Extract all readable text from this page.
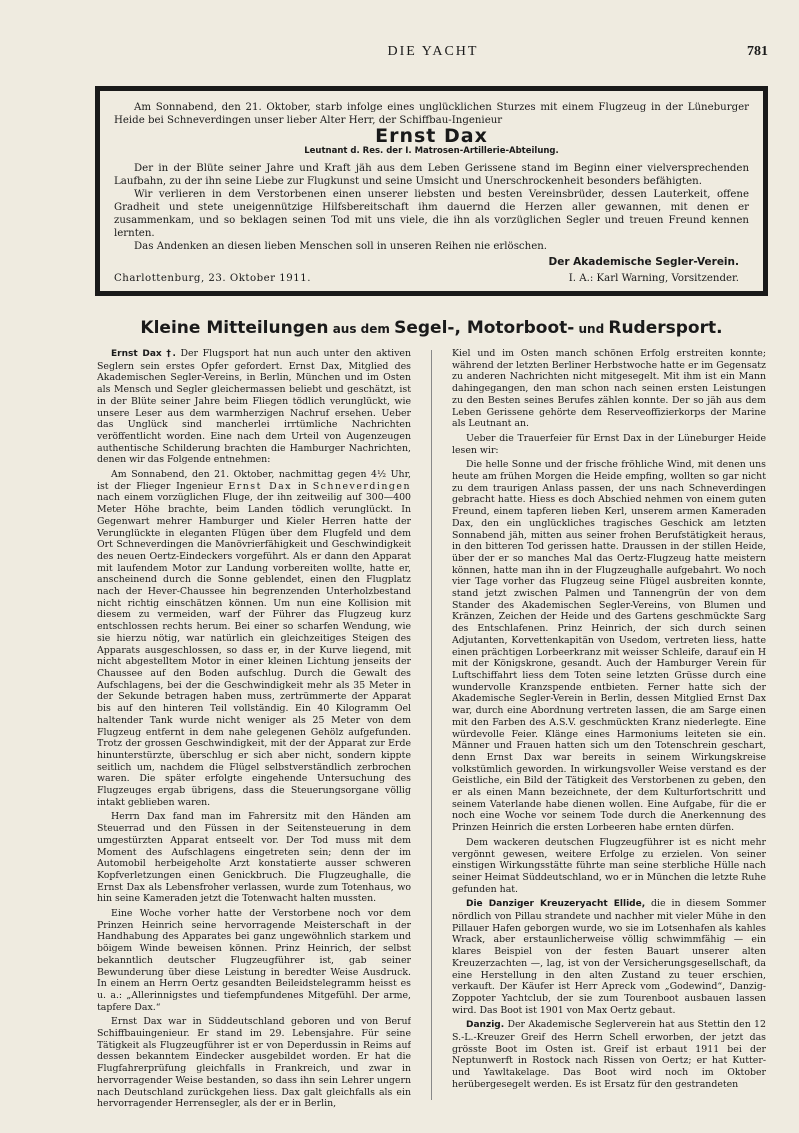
DIE YACHT	781

Am Sonnabend, den 21. Oktober, starb infolge eines unglücklichen Sturzes mit einem Flugzeug in der Lüneburger Heide bei Schneverdingen unser lieber Alter Herr, der Schiffbau-Ingenieur

Ernst Dax
Leutnant d. Res. der I. Matrosen-Artillerie-Abteilung.

Der in der Blüte seiner Jahre und Kraft jäh aus dem Leben Gerissene stand im Beginn einer vielversprechenden Laufbahn, zu der ihn seine Liebe zur Flugkunst und seine Umsicht und Unerschrockenheit besonders befähigten.

Wir verlieren in dem Verstorbenen einen unserer liebsten und besten Vereinsbrüder, dessen Lauterkeit, offene Gradheit und stete uneigennützige Hilfsbereitschaft ihm dauernd die Herzen aller gewannen, mit denen er zusammenkam, und so beklagen seinen Tod mit uns viele, die ihn als vorzüglichen Segler und treuen Freund kennen lernten.

Das Andenken an diesen lieben Menschen soll in unseren Reihen nie erlöschen.

Der Akademische Segler-Verein.
Charlottenburg, 23. Oktober 1911.	I. A.: Karl Warning, Vorsitzender.
Kleine Mitteilungen aus dem Segel-, Motorboot- und Rudersport.

Ernst Dax †. Der Flugsport hat nun auch unter den aktiven Seglern sein erstes Opfer gefordert. Ernst Dax, Mitglied des Akademischen Segler-Vereins, in Berlin, München und im Osten als Mensch und Segler gleichermassen beliebt und geschätzt, ist in der Blüte seiner Jahre beim Fliegen tödlich verunglückt, wie unsere Leser aus dem warmherzigen Nachruf ersehen. Ueber das Unglück sind mancherlei irrtümliche Nachrichten veröffentlicht worden. Eine nach dem Urteil von Augenzeugen authentische Schilderung brachten die Hamburger Nachrichten, denen wir das Folgende entnehmen:

Am Sonnabend, den 21. Oktober, nachmittag gegen 4½ Uhr, ist der Flieger Ingenieur Ernst Dax in Schneverdingen nach einem vorzüglichen Fluge, der ihn zeitweilig auf 300—400 Meter Höhe brachte, beim Landen tödlich verunglückt. In Gegenwart mehrer Hamburger und Kieler Herren hatte der Verunglückte in eleganten Flügen über dem Flugfeld und dem Ort Schneverdingen die Manövrierfähigkeit und Geschwindigkeit des neuen Oertz-Eindeckers vorgeführt. Als er dann den Apparat mit laufendem Motor zur Landung vorbereiten wollte, hatte er, anscheinend durch die Sonne geblendet, einen den Flugplatz nach der Hever-Chaussee hin begrenzenden Unterholzbestand nicht richtig einschätzen können. Um nun eine Kollision mit diesem zu vermeiden, warf der Führer das Flugzeug kurz entschlossen rechts herum. Bei einer so scharfen Wendung, wie sie hierzu nötig, war natürlich ein gleichzeitiges Steigen des Apparats ausgeschlossen, so dass er, in der Kurve liegend, mit nicht abgestelltem Motor in einer kleinen Lichtung jenseits der Chaussee auf den Boden aufschlug. Durch die Gewalt des Aufschlagens, bei der die Geschwindigkeit mehr als 35 Meter in der Sekunde betragen haben muss, zertrümmerte der Apparat bis auf den hinteren Teil vollständig. Ein 40 Kilogramm Oel haltender Tank wurde nicht weniger als 25 Meter von dem Flugzeug entfernt in dem nahe gelegenen Gehölz aufgefunden. Trotz der grossen Geschwindigkeit, mit der der Apparat zur Erde hinunterstürzte, überschlug er sich aber nicht, sondern kippte seitlich um, nachdem die Flügel selbstverständlich zerbrochen waren. Die später erfolgte eingehende Untersuchung des Flugzeuges ergab übrigens, dass die Steuerungsorgane völlig intakt geblieben waren.

Herrn Dax fand man im Fahrersitz mit den Händen am Steuerrad und den Füssen in der Seitensteuerung in dem umgestürzten Apparat entseelt vor. Der Tod muss mit dem Moment des Aufschlagens eingetreten sein; denn der im Automobil herbeigeholte Arzt konstatierte ausser schweren Kopfverletzungen einen Genickbruch. Die Flugzeughalle, die Ernst Dax als Lebensfroher verlassen, wurde zum Totenhaus, wo hin seine Kameraden jetzt die Totenwacht halten mussten.

Eine Woche vorher hatte der Verstorbene noch vor dem Prinzen Heinrich seine hervorragende Meisterschaft in der Handhabung des Apparates bei ganz ungewöhnlich starkem und böigem Winde beweisen können. Prinz Heinrich, der selbst bekanntlich deutscher Flugzeugführer ist, gab seiner Bewunderung über diese Leistung in beredter Weise Ausdruck. In einem an Herrn Oertz gesandten Beileidstelegramm heisst es u. a.: „Allerinnigstes und tiefempfundenes Mitgefühl. Der arme, tapfere Dax.“

Ernst Dax war in Süddeutschland geboren und von Beruf Schiffbauingenieur. Er stand im 29. Lebensjahre. Für seine Tätigkeit als Flugzeugführer ist er von Deperdussin in Reims auf dessen bekanntem Eindecker ausgebildet worden. Er hat die Flugfahrerprüfung gleichfalls in Frankreich, und zwar in hervorragender Weise bestanden, so dass ihn sein Lehrer ungern nach Deutschland zurückgehen liess. Dax galt gleichfalls als ein hervorragender Herrensegler, als der er in Berlin,

Kiel und im Osten manch schönen Erfolg erstreiten konnte; während der letzten Berliner Herbstwoche hatte er im Gegensatz zu anderen Nachrichten nicht mitgesegelt. Mit ihm ist ein Mann dahingegangen, den man schon nach seinen ersten Leistungen zu den Besten seines Berufes zählen konnte. Der so jäh aus dem Leben Gerissene gehörte dem Reserveoffizierkorps der Marine als Leutnant an.

Ueber die Trauerfeier für Ernst Dax in der Lüneburger Heide lesen wir:

Die helle Sonne und der frische fröhliche Wind, mit denen uns heute am frühen Morgen die Heide empfing, wollten so gar nicht zu dem traurigen Anlass passen, der uns nach Schneverdingen gebracht hatte. Hiess es doch Abschied nehmen von einem guten Freund, einem tapferen lieben Kerl, unserem armen Kameraden Dax, den ein unglückliches tragisches Geschick am letzten Sonnabend jäh, mitten aus seiner frohen Berufstätigkeit heraus, in den bitteren Tod gerissen hatte. Draussen in der stillen Heide, über der er so manches Mal das Oertz-Flugzeug hatte meistern können, hatte man ihn in der Flugzeughalle aufgebahrt. Wo noch vier Tage vorher das Flugzeug seine Flügel ausbreiten konnte, stand jetzt zwischen Palmen und Tannengrün der von dem Stander des Akademischen Segler-Vereins, von Blumen und Kränzen, Zeichen der Heide und des Gartens geschmückte Sarg des Entschlafenen. Prinz Heinrich, der sich durch seinen Adjutanten, Korvettenkapitän von Usedom, vertreten liess, hatte einen prächtigen Lorbeerkranz mit weisser Schleife, darauf ein H mit der Königskrone, gesandt. Auch der Hamburger Verein für Luftschiffahrt liess dem Toten seine letzten Grüsse durch eine wundervolle Kranzspende entbieten. Ferner hatte sich der Akademische Segler-Verein in Berlin, dessen Mitglied Ernst Dax war, durch eine Abordnung vertreten lassen, die am Sarge einen mit den Farben des A.S.V. geschmückten Kranz niederlegte. Eine würdevolle Feier. Klänge eines Harmoniums leiteten sie ein. Männer und Frauen hatten sich um den Totenschrein geschart, denn Ernst Dax war bereits in seinem Wirkungskreise volkstümlich geworden. In wirkungsvoller Weise verstand es der Geistliche, ein Bild der Tätigkeit des Verstorbenen zu geben, den er als einen Mann bezeichnete, der dem Kulturfortschritt und seinem Vaterlande habe dienen wollen. Eine Aufgabe, für die er noch eine Woche vor seinem Tode durch die Anerkennung des Prinzen Heinrich die ersten Lorbeeren habe ernten dürfen.

Dem wackeren deutschen Flugzeugführer ist es nicht mehr vergönnt gewesen, weitere Erfolge zu erzielen. Von seiner einstigen Wirkungsstätte führte man seine sterbliche Hülle nach seiner Heimat Süddeutschland, wo er in München die letzte Ruhe gefunden hat.

Die Danziger Kreuzeryacht Ellide, die in diesem Sommer nördlich von Pillau strandete und nachher mit vieler Mühe in den Pillauer Hafen geborgen wurde, wo sie im Lotsenhafen als kahles Wrack, aber erstaunlicherweise völlig schwimmfähig — ein klares Beispiel von der festen Bauart unserer alten Kreuzerzachten —, lag, ist von der Versicherungsgesellschaft, da eine Herstellung in den alten Zustand zu teuer erschien, verkauft. Der Käufer ist Herr Apreck vom „Godewind“, Danzig-Zoppoter Yachtclub, der sie zum Tourenboot ausbauen lassen wird. Das Boot ist 1901 von Max Oertz gebaut.

Danzig. Der Akademische Seglerverein hat aus Stettin den 12 S.-L.-Kreuzer Greif des Herrn Schell erworben, der jetzt das grösste Boot im Osten ist. Greif ist erbaut 1911 bei der Neptunwerft in Rostock nach Rissen von Oertz; er hat Kutter- und Yawltakelage. Das Boot wird noch im Oktober herübergesegelt werden. Es ist Ersatz für den gestrandeten
